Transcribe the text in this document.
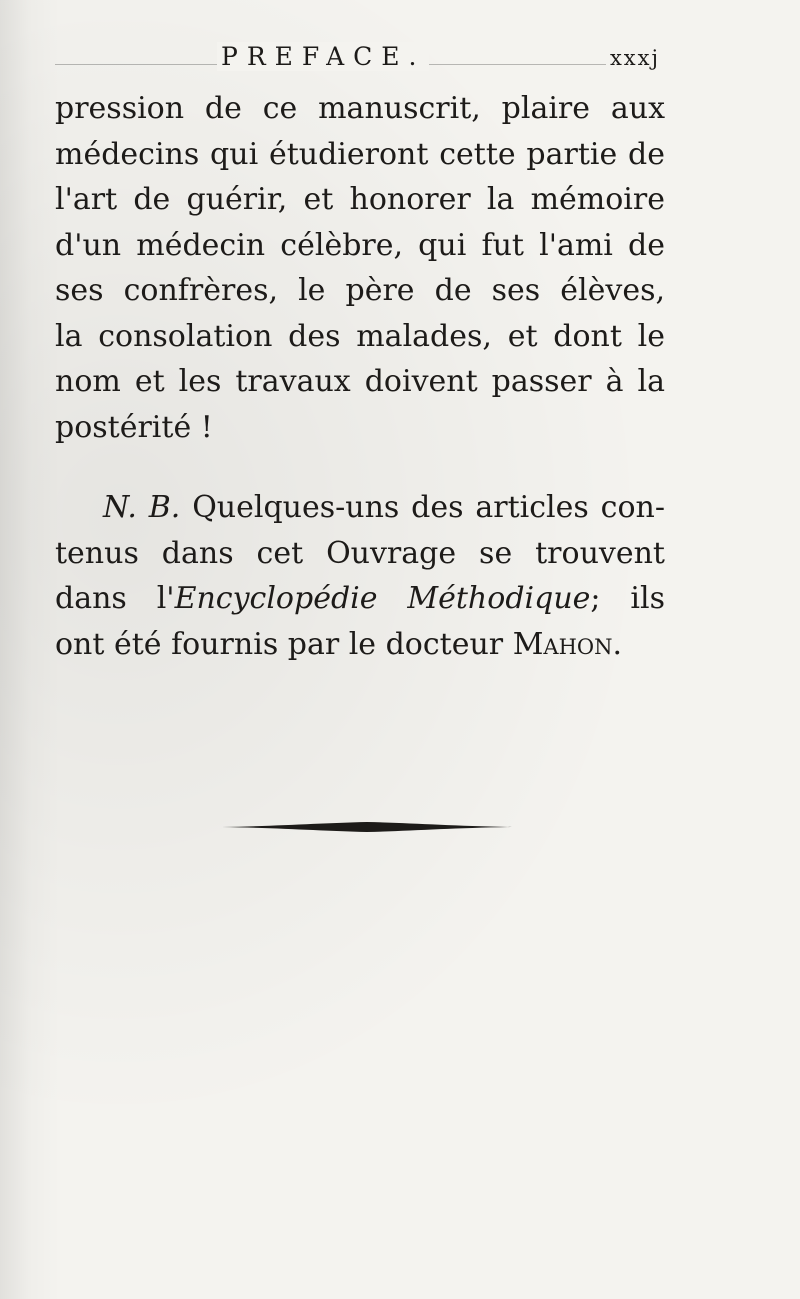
PREFACE.	xxxj
pression de ce manuscrit, plaire aux
médecins qui étudieront cette partie de
l'art de guérir, et honorer la mémoire
d'un médecin célèbre, qui fut l'ami de
ses confrères, le père de ses élèves,
la consolation des malades, et dont le
nom et les travaux doivent passer à la
postérité !
N. B. Quelques-uns des articles con-
tenus dans cet Ouvrage se trouvent
dans l'Encyclopédie Méthodique; ils
ont été fournis par le docteur Mahon.
